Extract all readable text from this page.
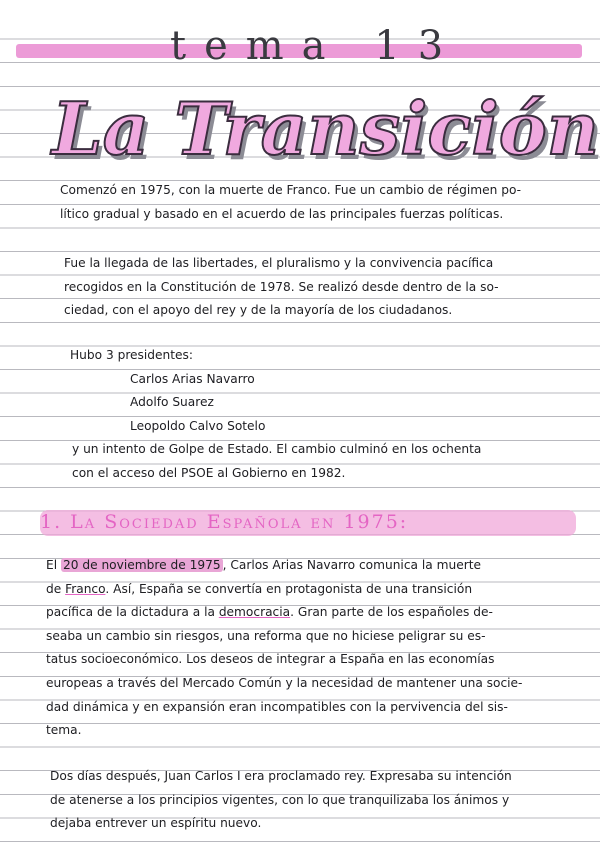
tema 13
La Transición
Comenzó en 1975, con la muerte de Franco. Fue un cambio de régimen po-
lítico gradual y basado en el acuerdo de las principales fuerzas políticas.
Fue la llegada de las libertades, el pluralismo y la convivencia pacífica
recogidos en la Constitución de 1978. Se realizó desde dentro de la so-
ciedad, con el apoyo del rey y de la mayoría de los ciudadanos.
Hubo 3 presidentes:
Carlos Arias Navarro
Adolfo Suarez
Leopoldo Calvo Sotelo
y un intento de Golpe de Estado. El cambio culminó en los ochenta
con el acceso del PSOE al Gobierno en 1982.
1. La Sociedad Española en 1975:
El 20 de noviembre de 1975 , Carlos Arias Navarro comunica la muerte
de Franco. Así, España se convertía en protagonista de una transición
pacífica de la dictadura a la democracia. Gran parte de los españoles de-
seaba un cambio sin riesgos, una reforma que no hiciese peligrar su es-
tatus socioeconómico. Los deseos de integrar a España en las economías
europeas a través del Mercado Común y la necesidad de mantener una socie-
dad dinámica y en expansión eran incompatibles con la pervivencia del sis-
tema.
Dos días después, Juan Carlos I era proclamado rey. Expresaba su intención
de atenerse a los principios vigentes, con lo que tranquilizaba los ánimos y
dejaba entrever un espíritu nuevo.
